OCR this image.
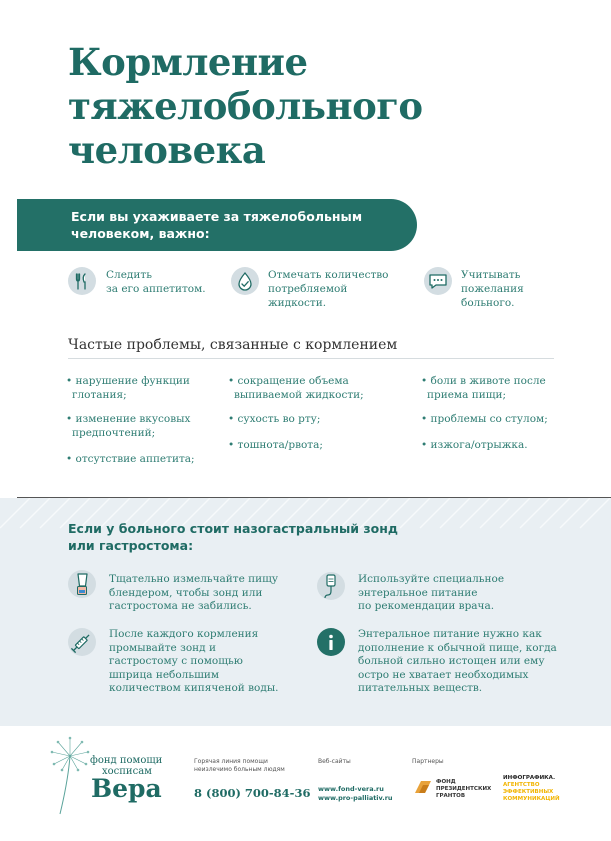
Кормление
тяжелобольного
человека
Если вы ухаживаете за тяжелобольным
человеком, важно:
Следить
за его аппетитом.
Отмечать количество
потребляемой
жидкости.
Учитывать
пожелания
больного.
Частые проблемы, связанные с кормлением
• нарушение функции
глотания;
• изменение вкусовых
предпочтений;
• отсутствие аппетита;
• сокращение объема
выпиваемой жидкости;
• сухость во рту;
• тошнота/рвота;
• боли в животе после
приема пищи;
• проблемы со стулом;
• изжога/отрыжка.
Если у больного стоит назогастральный зонд
или гастростома:
Тщательно измельчайте пищу
блендером, чтобы зонд или
гастростома не забились.
Используйте специальное
энтеральное питание
по рекомендации врача.
После каждого кормления
промывайте зонд и
гастростому с помощью
шприца небольшим
количеством кипяченой воды.
Энтеральное питание нужно как
дополнение к обычной пище, когда
больной сильно истощен или ему
остро не хватает необходимых
питательных веществ.
фонд помощи
хосписам
Вера
Горячая линия помощи
неизлечимо больным людям
8 (800) 700-84-36
Веб-сайты
www.fond-vera.ru
www.pro-palliativ.ru
Партнеры
ФОНД
ПРЕЗИДЕНТСКИХ
ГРАНТОВ
ИНФОГРАФИКА.
АГЕНТСТВО
ЭФФЕКТИВНЫХ
КОММУНИКАЦИЙ
